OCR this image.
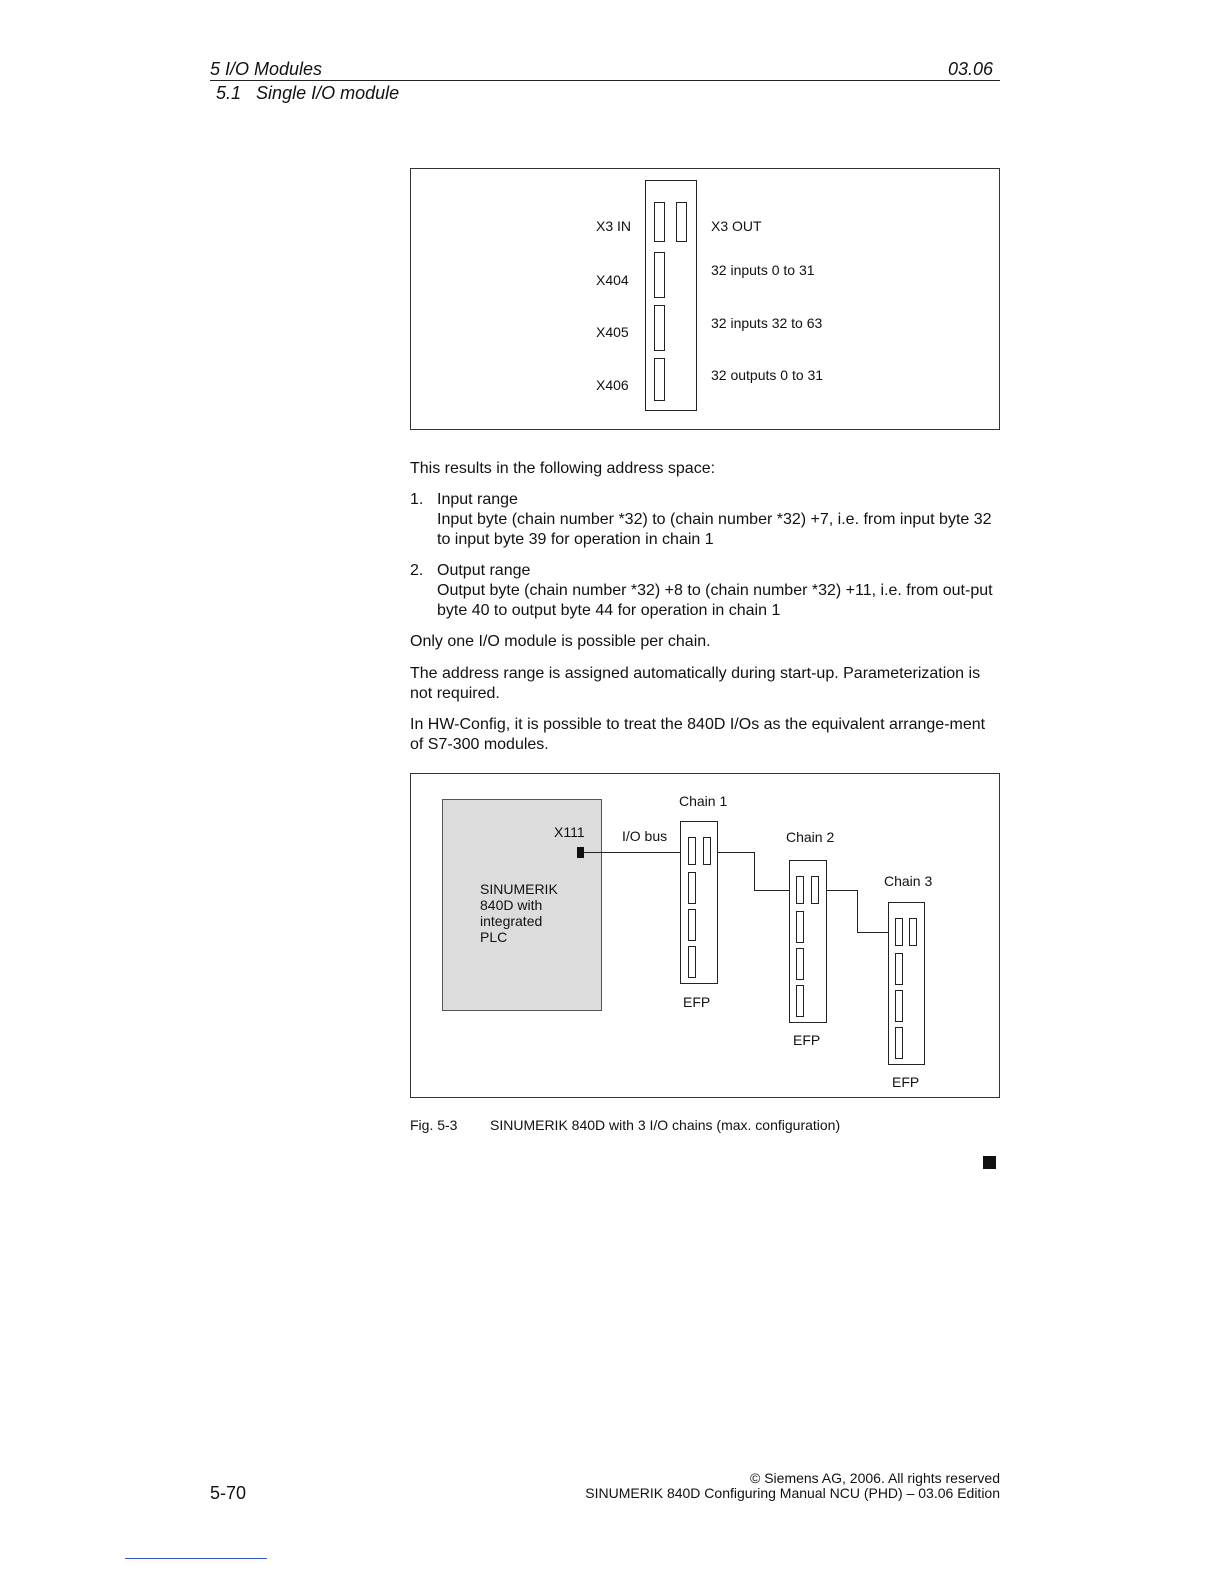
5 I/O Modules	03.06
5.1 Single I/O module
X3 IN
X404
X405
X406
X3 OUT
32 inputs 0 to 31
32 inputs 32 to 63
32 outputs 0 to 31
This results in the following address space:
1. Input range
Input byte (chain number *32) to (chain number *32) +7, i.e. from input byte 32 to input byte 39 for operation in chain 1
2. Output range
Output byte (chain number *32) +8 to (chain number *32) +11, i.e. from out-put byte 40 to output byte 44 for operation in chain 1
Only one I/O module is possible per chain.
The address range is assigned automatically during start-up. Parameterization is not required.
In HW-Config, it is possible to treat the 840D I/Os as the equivalent arrange-ment of S7-300 modules.
SINUMERIK
840D with
integrated
PLC
X111	I/O bus
Chain 1
EFP
Chain 2
EFP
Chain 3
EFP
Fig. 5-3 SINUMERIK 840D with 3 I/O chains (max. configuration)
5-70
© Siemens AG, 2006. All rights reserved
SINUMERIK 840D Configuring Manual NCU (PHD) – 03.06 Edition
